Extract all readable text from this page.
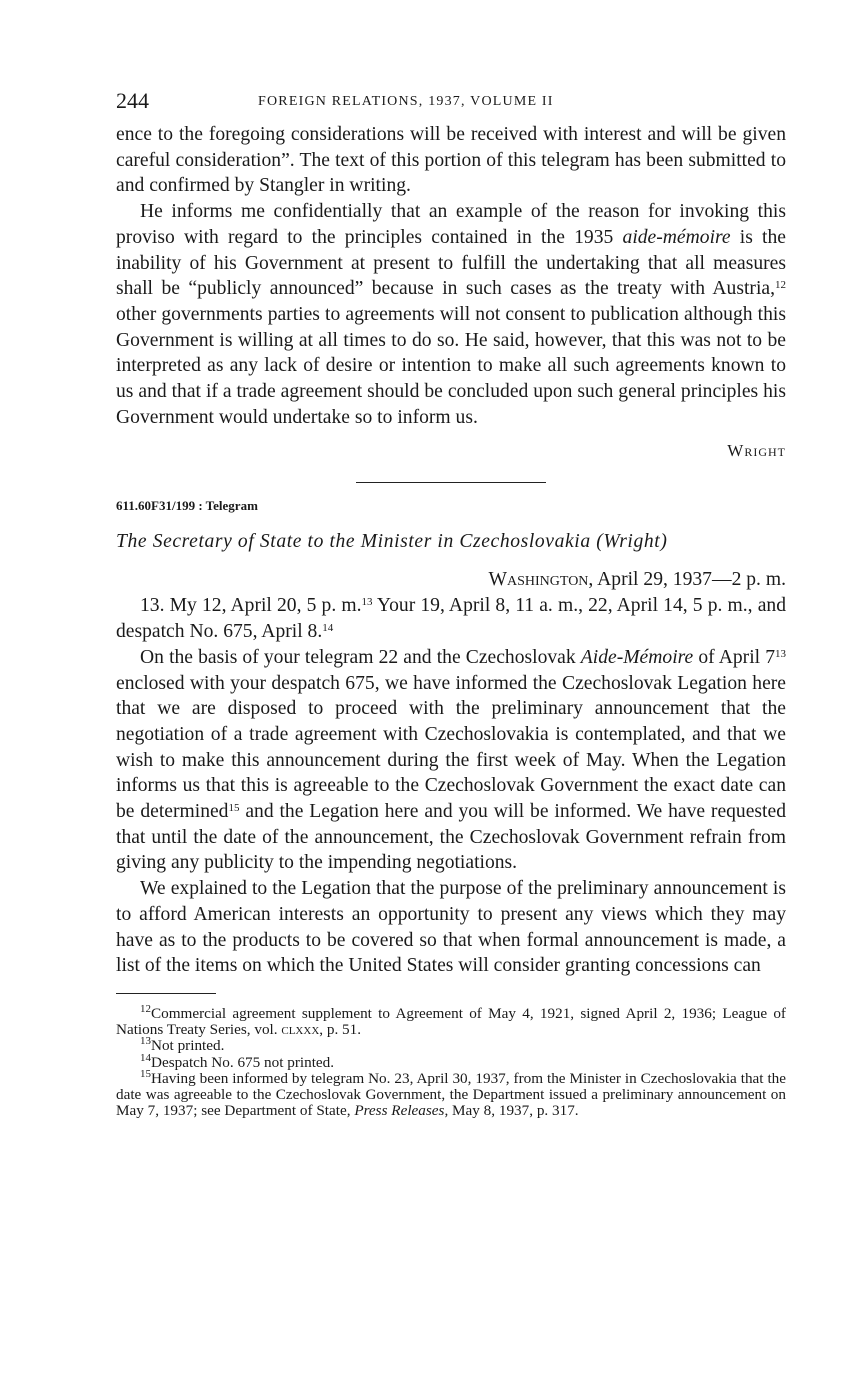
244	FOREIGN RELATIONS, 1937, VOLUME II

ence to the foregoing considerations will be received with interest and will be given careful consideration”. The text of this portion of this telegram has been submitted to and confirmed by Stangler in writing.

He informs me confidentially that an example of the reason for invoking this proviso with regard to the principles contained in the 1935 aide-mémoire is the inability of his Government at present to fulfill the undertaking that all measures shall be “publicly announced” because in such cases as the treaty with Austria,$^{12}$ other governments parties to agreements will not consent to publication although this Government is willing at all times to do so. He said, however, that this was not to be interpreted as any lack of desire or intention to make all such agreements known to us and that if a trade agreement should be concluded upon such general principles his Government would undertake so to inform us.

Wright
611.60F31/199 : Telegram
The Secretary of State to the Minister in Czechoslovakia (Wright)
Washington, April 29, 1937—2 p. m.

13. My 12, April 20, 5 p. m.$^{13}$ Your 19, April 8, 11 a. m., 22, April 14, 5 p. m., and despatch No. 675, April 8.14

On the basis of your telegram 22 and the Czechoslovak Aide-Mémoire of April $7^{13}$ enclosed with your despatch 675, we have informed the Czechoslovak Legation here that we are disposed to proceed with the preliminary announcement that the negotiation of a trade agreement with Czechoslovakia is contemplated, and that we wish to make this announcement during the first week of May. When the Legation informs us that this is agreeable to the Czechoslovak Government the exact date can be determined$^{15}$ and the Legation here and you will be informed. We have requested that until the date of the announcement, the Czechoslovak Government refrain from giving any publicity to the impending negotiations.

We explained to the Legation that the purpose of the preliminary announcement is to afford American interests an opportunity to present any views which they may have as to the products to be covered so that when formal announcement is made, a list of the items on which the United States will consider granting concessions can

$^{12}$Commercial agreement supplement to Agreement of May 4, 1921, signed April 2, 1936; League of Nations Treaty Series, vol. clxxx, p. 51.

$^{13}$Not printed.

$^{14}$Despatch No. 675 not printed.

$^{15}$Having been informed by telegram No. 23, April 30, 1937, from the Minister in Czechoslovakia that the date was agreeable to the Czechoslovak Government, the Department issued a preliminary announcement on May 7, 1937; see Department of State, Press Releases, May 8, 1937, p. 317.
